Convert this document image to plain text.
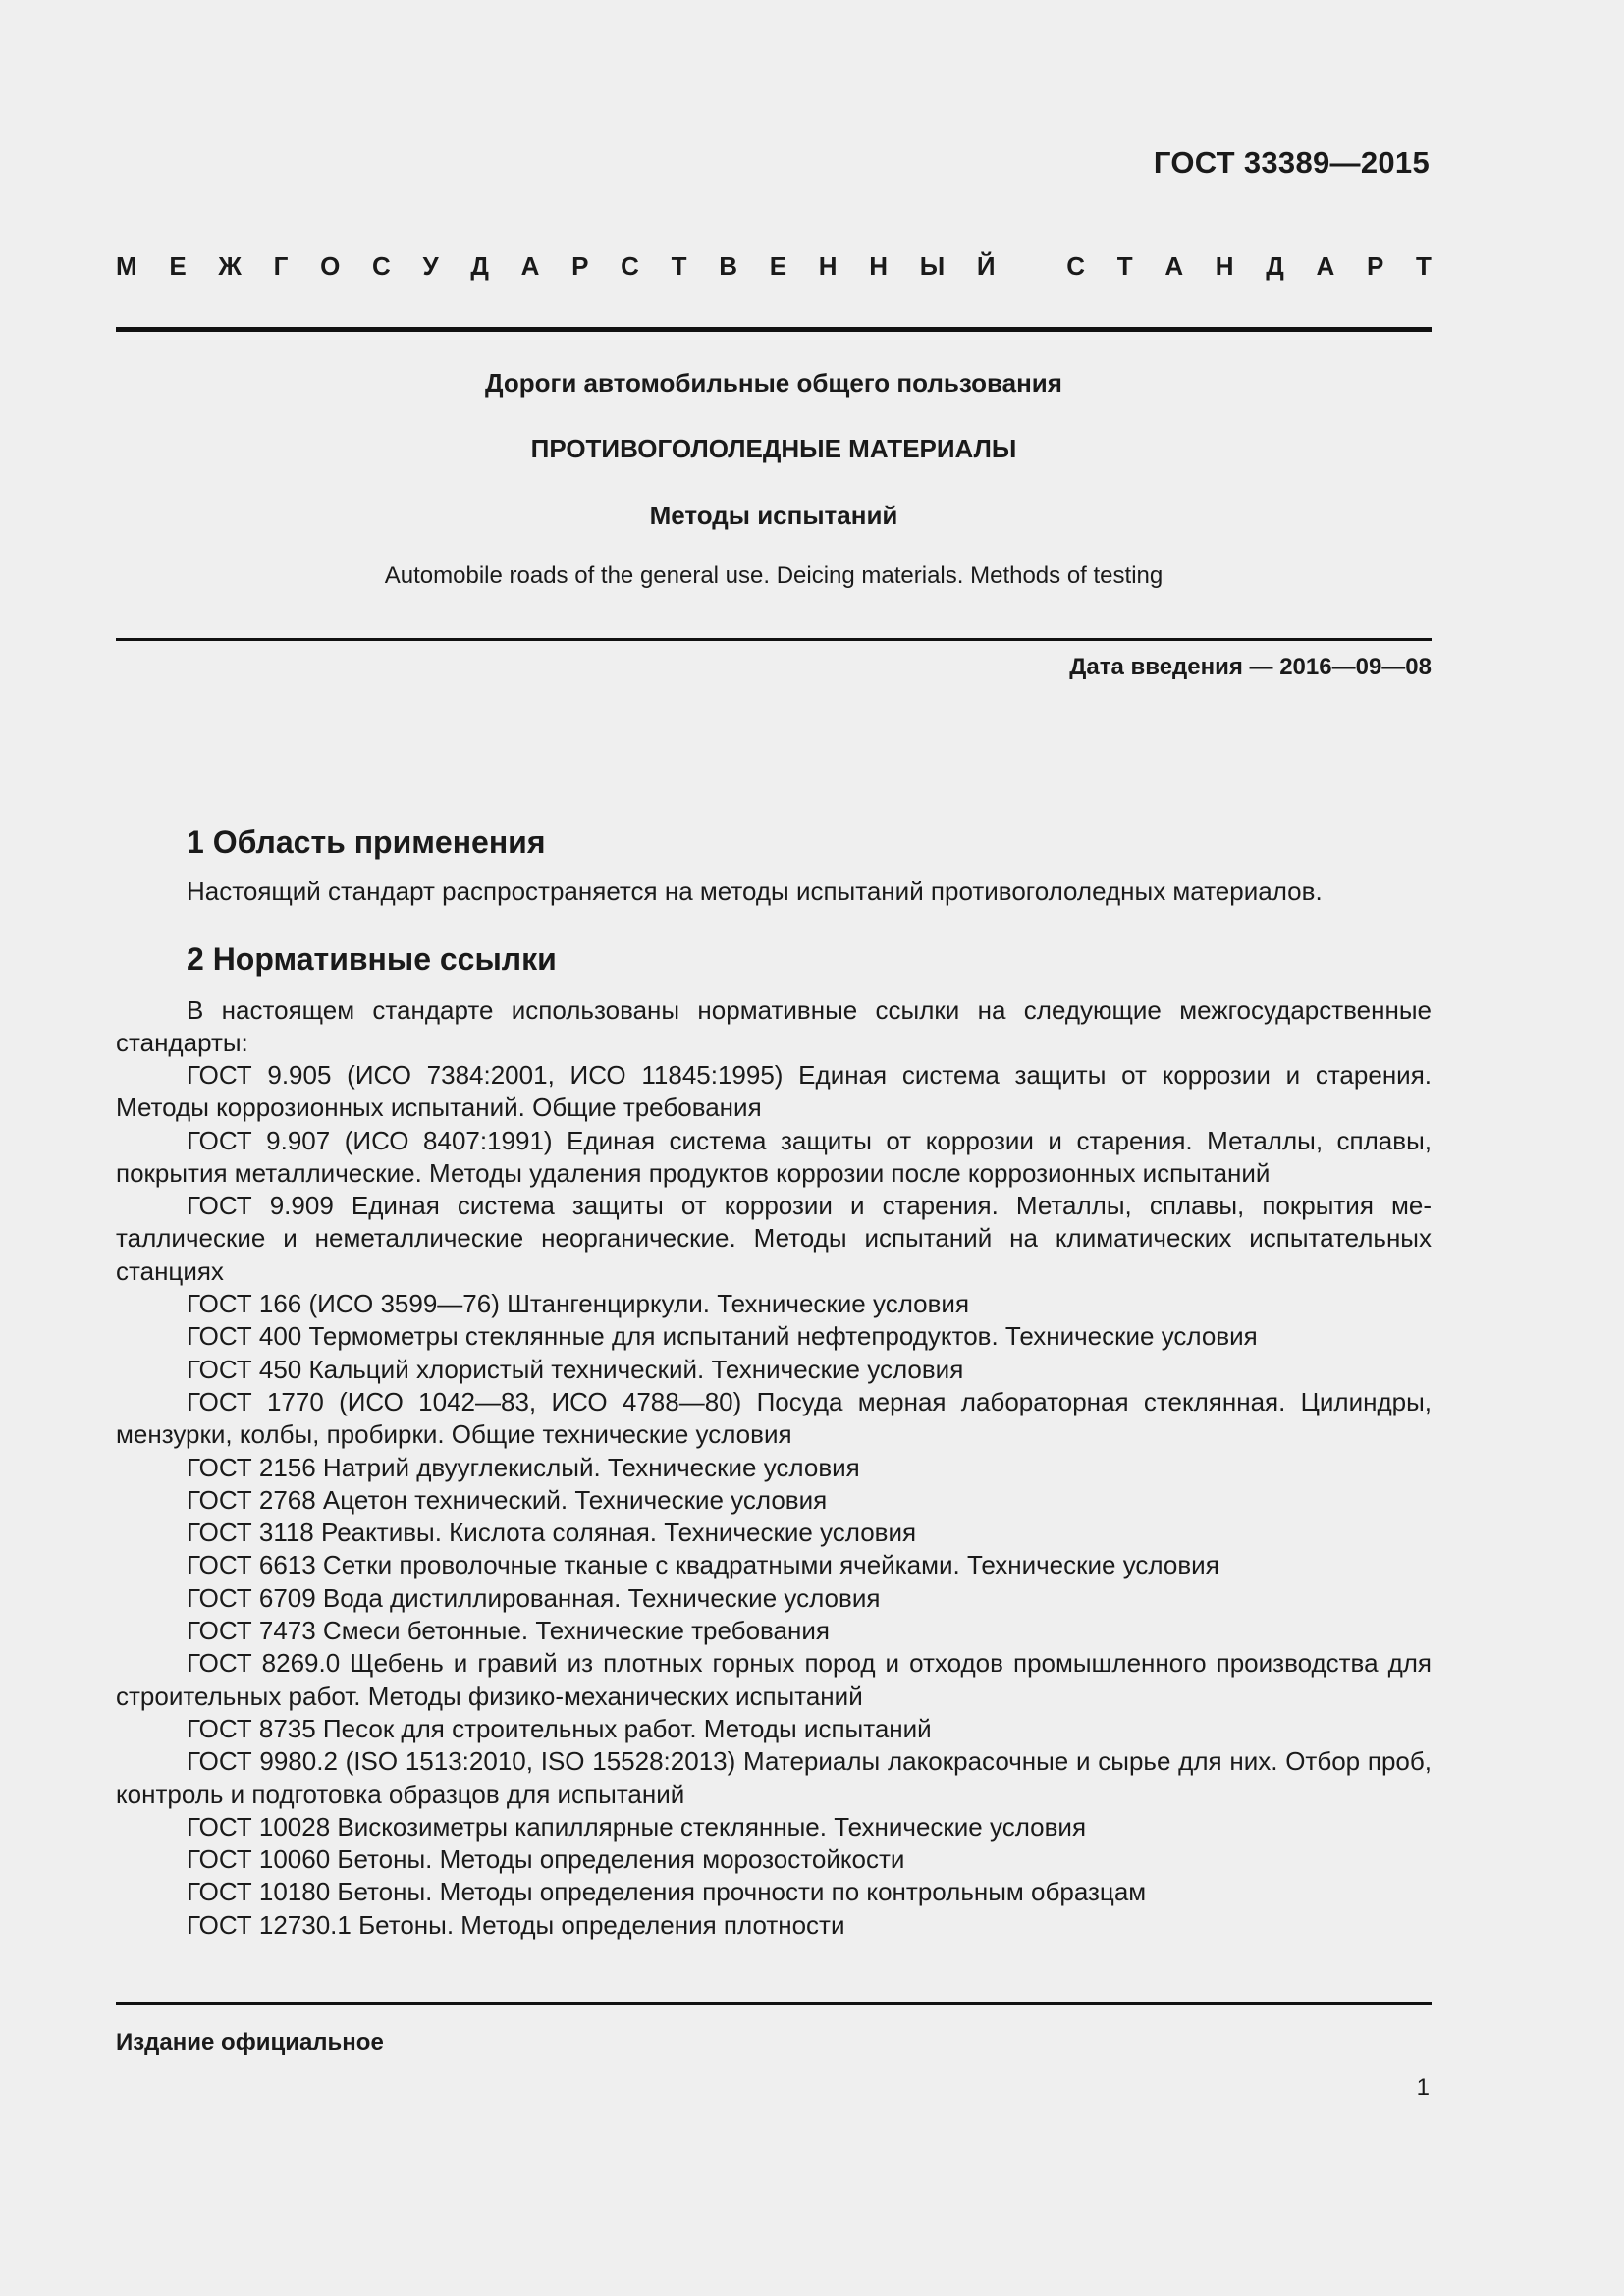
ГОСТ 33389—2015
М Е Ж Г О С У Д А Р С Т В Е Н Н Ы Й
	С Т А Н Д А Р Т
Дороги автомобильные общего пользования
ПРОТИВОГОЛОЛЕДНЫЕ МАТЕРИАЛЫ
Методы испытаний
Automobile roads of the general use. Deicing materials. Methods of testing
Дата введения — 2016—09—08
1 Область применения

Настоящий стандарт распространяется на методы испытаний противогололедных материалов.

2 Нормативные ссылки

В настоящем стандарте использованы нормативные ссылки на следующие межгосударственные стандарты:

ГОСТ 9.905 (ИСО 7384:2001, ИСО 11845:1995) Единая система защиты от коррозии и старения. Методы коррозионных испытаний. Общие требования

ГОСТ 9.907 (ИСО 8407:1991) Единая система защиты от коррозии и старения. Металлы, сплавы, покрытия металлические. Методы удаления продуктов коррозии после коррозионных испытаний

ГОСТ 9.909 Единая система защиты от коррозии и старения. Металлы, сплавы, покрытия металлические и неметаллические неорганические. Методы испытаний на климатических испытательных станциях

ГОСТ 166 (ИСО 3599—76) Штангенциркули. Технические условия

ГОСТ 400 Термометры стеклянные для испытаний нефтепродуктов. Технические условия

ГОСТ 450 Кальций хлористый технический. Технические условия

ГОСТ 1770 (ИСО 1042—83, ИСО 4788—80) Посуда мерная лабораторная стеклянная. Цилиндры, мензурки, колбы, пробирки. Общие технические условия

ГОСТ 2156 Натрий двууглекислый. Технические условия

ГОСТ 2768 Ацетон технический. Технические условия

ГОСТ 3118 Реактивы. Кислота соляная. Технические условия

ГОСТ 6613 Сетки проволочные тканые с квадратными ячейками. Технические условия

ГОСТ 6709 Вода дистиллированная. Технические условия

ГОСТ 7473 Смеси бетонные. Технические требования

ГОСТ 8269.0 Щебень и гравий из плотных горных пород и отходов промышленного производства для строительных работ. Методы физико-механических испытаний

ГОСТ 8735 Песок для строительных работ. Методы испытаний

ГОСТ 9980.2 (ISO 1513:2010, ISO 15528:2013) Материалы лакокрасочные и сырье для них. Отбор проб, контроль и подготовка образцов для испытаний

ГОСТ 10028 Вискозиметры капиллярные стеклянные. Технические условия

ГОСТ 10060 Бетоны. Методы определения морозостойкости

ГОСТ 10180 Бетоны. Методы определения прочности по контрольным образцам

ГОСТ 12730.1 Бетоны. Методы определения плотности

Издание официальное
1
